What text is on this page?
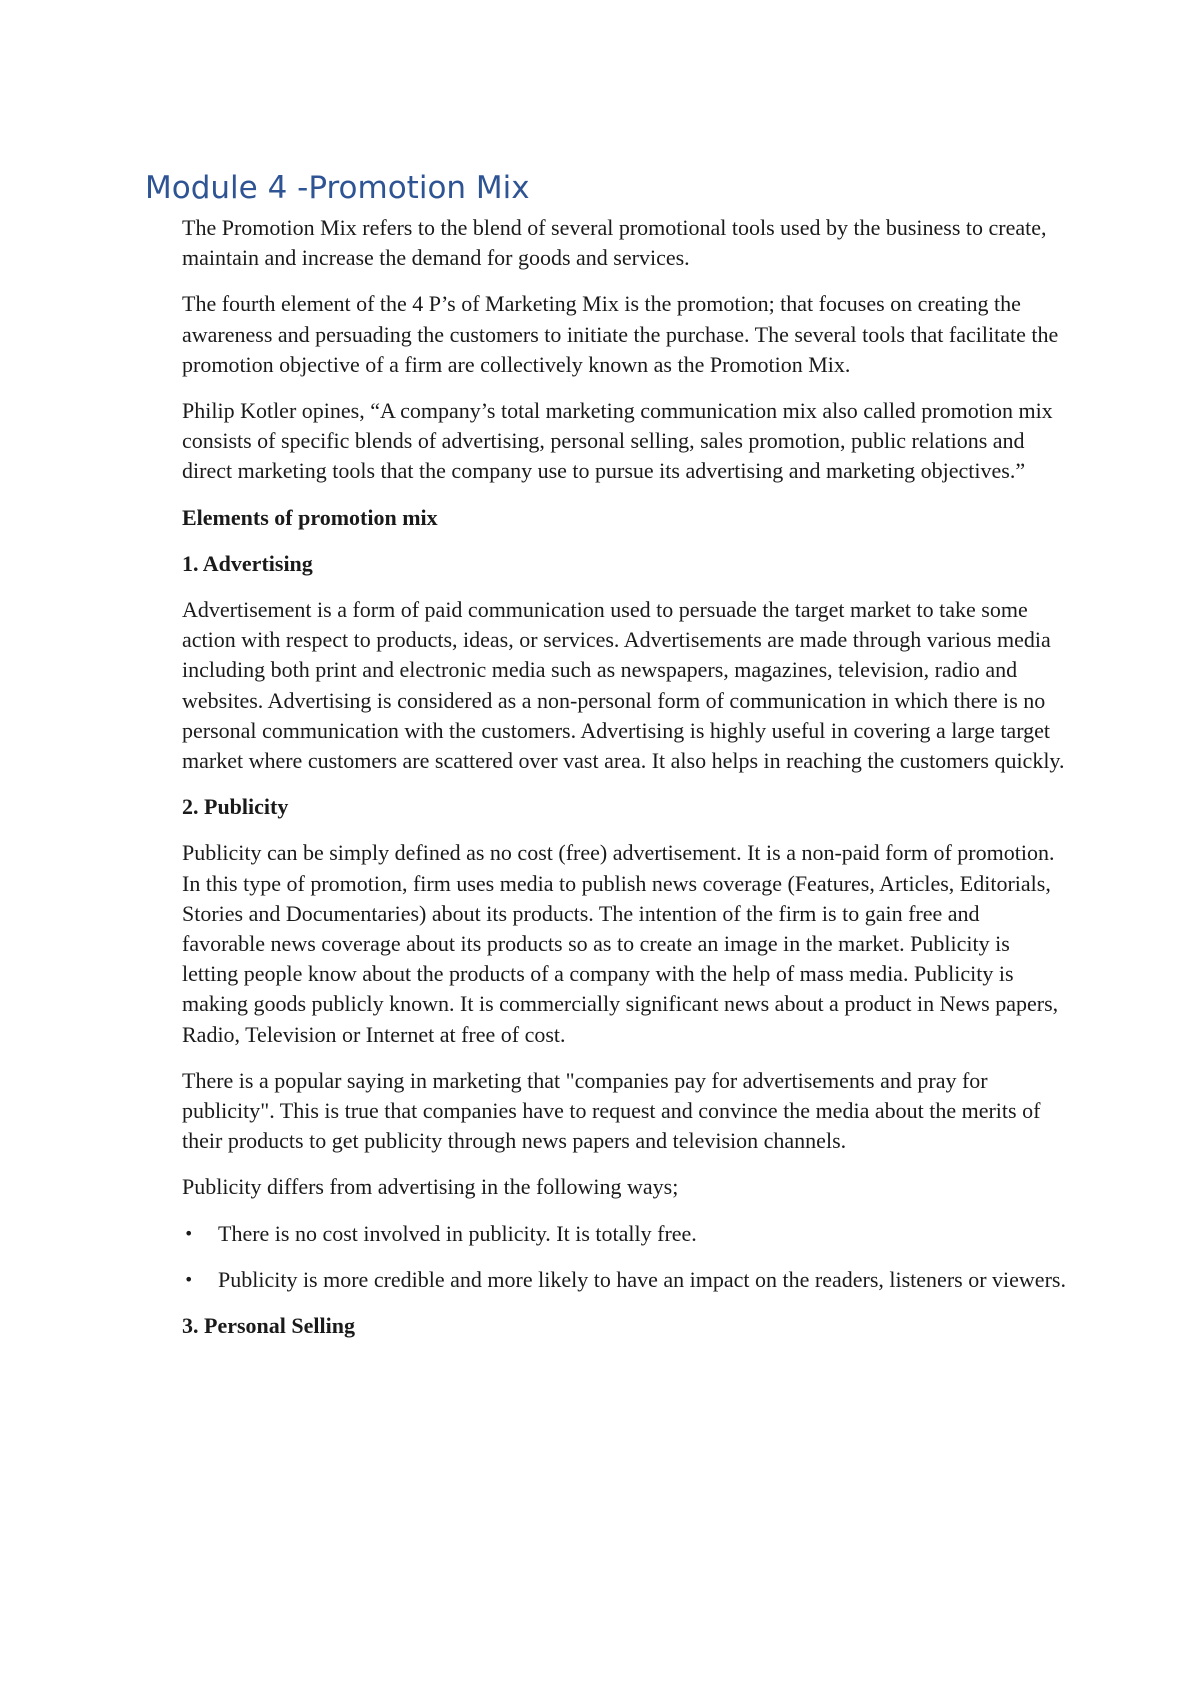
Module 4 -Promotion Mix

The Promotion Mix refers to the blend of several promotional tools used by the business to create, maintain and increase the demand for goods and services.

The fourth element of the 4 P’s of Marketing Mix is the promotion; that focuses on creating the awareness and persuading the customers to initiate the purchase. The several tools that facilitate the promotion objective of a firm are collectively known as the Promotion Mix.

Philip Kotler opines, “A company’s total marketing communication mix also called promotion mix consists of specific blends of advertising, personal selling, sales promotion, public relations and direct marketing tools that the company use to pursue its advertising and marketing objectives.”

Elements of promotion mix

1. Advertising

Advertisement is a form of paid communication used to persuade the target market to take some action with respect to products, ideas, or services. Advertisements are made through various media including both print and electronic media such as newspapers, magazines, television, radio and websites. Advertising is considered as a non-personal form of communication in which there is no personal communication with the customers. Advertising is highly useful in covering a large target market where customers are scattered over vast area. It also helps in reaching the customers quickly.

2. Publicity

Publicity can be simply defined as no cost (free) advertisement. It is a non-paid form of promotion. In this type of promotion, firm uses media to publish news coverage (Features, Articles, Editorials, Stories and Documentaries) about its products. The intention of the firm is to gain free and favorable news coverage about its products so as to create an image in the market. Publicity is letting people know about the products of a company with the help of mass media. Publicity is making goods publicly known. It is commercially significant news about a product in News papers, Radio, Television or Internet at free of cost.

There is a popular saying in marketing that "companies pay for advertisements and pray for publicity". This is true that companies have to request and convince the media about the merits of their products to get publicity through news papers and television channels.

Publicity differs from advertising in the following ways;

• There is no cost involved in publicity. It is totally free.
• Publicity is more credible and more likely to have an impact on the readers, listeners or viewers.

3. Personal Selling
